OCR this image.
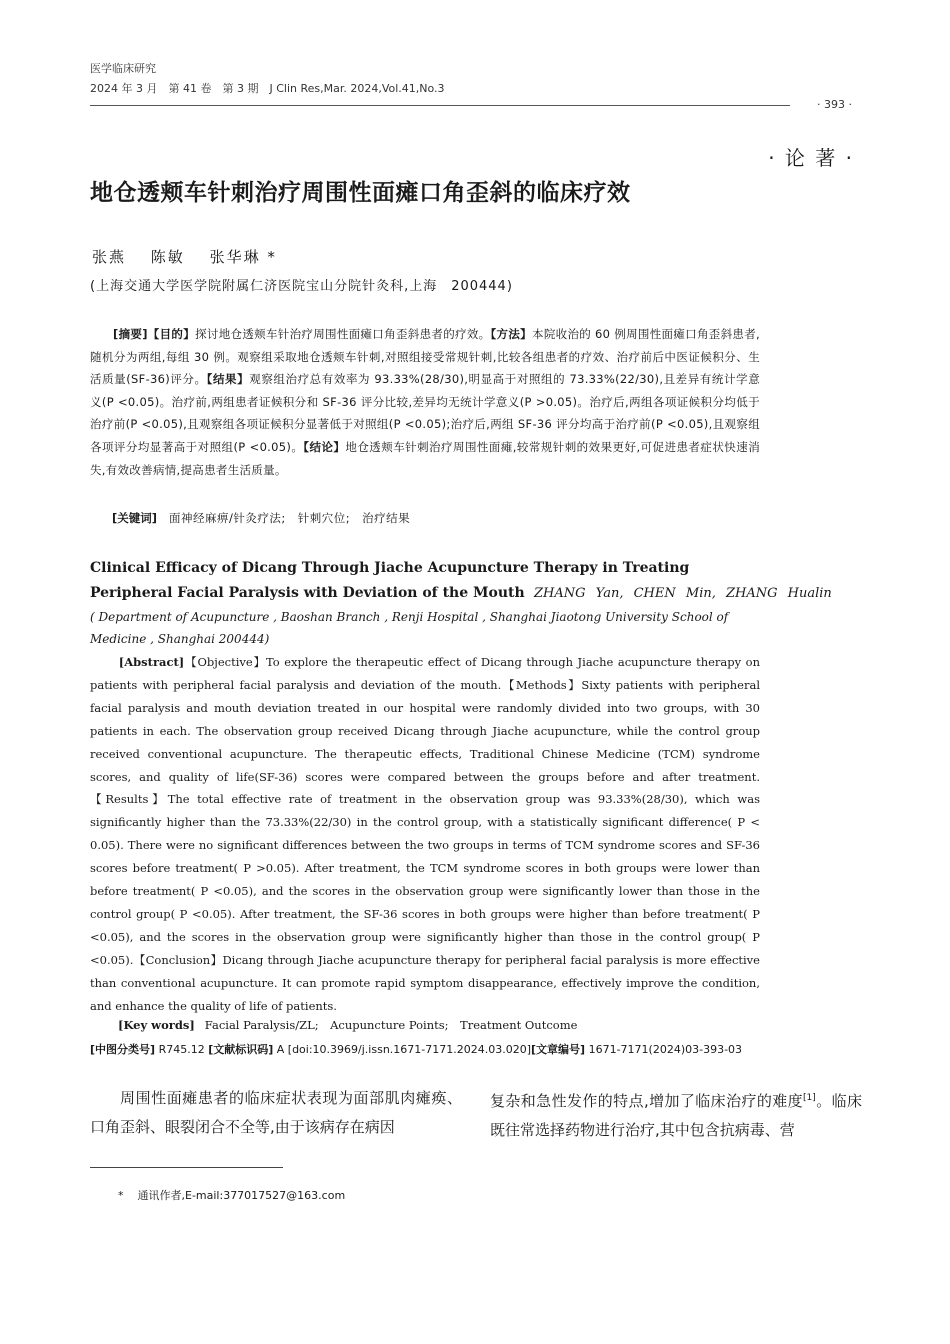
医学临床研究
2024 年 3 月　第 41 卷　第 3 期　J Clin Res,Mar. 2024,Vol.41,No.3
· 393 ·
· 论 著 ·
地仓透颊车针刺治疗周围性面瘫口角歪斜的临床疗效
张燕 陈敏 张华琳 *
(上海交通大学医学院附属仁济医院宝山分院针灸科,上海　200444)
[摘要]【目的】探讨地仓透颊车针治疗周围性面瘫口角歪斜患者的疗效。【方法】本院收治的 60 例周围性面瘫口角歪斜患者,随机分为两组,每组 30 例。观察组采取地仓透颊车针刺,对照组接受常规针刺,比较各组患者的疗效、治疗前后中医证候积分、生活质量(SF-36)评分。【结果】观察组治疗总有效率为 93.33%(28/30),明显高于对照组的 73.33%(22/30),且差异有统计学意义(P <0.05)。治疗前,两组患者证候积分和 SF-36 评分比较,差异均无统计学意义(P >0.05)。治疗后,两组各项证候积分均低于治疗前(P <0.05),且观察组各项证候积分显著低于对照组(P <0.05);治疗后,两组 SF-36 评分均高于治疗前(P <0.05),且观察组各项评分均显著高于对照组(P <0.05)。【结论】地仓透颊车针刺治疗周围性面瘫,较常规针刺的效果更好,可促进患者症状快速消失,有效改善病情,提高患者生活质量。
[关键词] 面神经麻痹/针灸疗法;　针刺穴位;　治疗结果
Clinical Efficacy of Dicang Through Jiache Acupuncture Therapy in Treating Peripheral Facial Paralysis with Deviation of the Mouth ZHANG Yan, CHEN Min, ZHANG Hualin
( Department of Acupuncture , Baoshan Branch , Renji Hospital , Shanghai Jiaotong University School of Medicine , Shanghai 200444)
[Abstract]【Objective】To explore the therapeutic effect of Dicang through Jiache acupuncture therapy on patients with peripheral facial paralysis and deviation of the mouth.【Methods】Sixty patients with peripheral facial paralysis and mouth deviation treated in our hospital were randomly divided into two groups, with 30 patients in each. The observation group received Dicang through Jiache acupuncture, while the control group received conventional acupuncture. The therapeutic effects, Traditional Chinese Medicine (TCM) syndrome scores, and quality of life(SF-36) scores were compared between the groups before and after treatment.【Results】The total effective rate of treatment in the observation group was 93.33%(28/30), which was significantly higher than the 73.33%(22/30) in the control group, with a statistically significant difference( P < 0.05). There were no significant differences between the two groups in terms of TCM syndrome scores and SF-36 scores before treatment( P >0.05). After treatment, the TCM syndrome scores in both groups were lower than before treatment( P <0.05), and the scores in the observation group were significantly lower than those in the control group( P <0.05). After treatment, the SF-36 scores in both groups were higher than before treatment( P <0.05), and the scores in the observation group were significantly higher than those in the control group( P <0.05).【Conclusion】Dicang through Jiache acupuncture therapy for peripheral facial paralysis is more effective than conventional acupuncture. It can promote rapid symptom disappearance, effectively improve the condition, and enhance the quality of life of patients.
[Key words] Facial Paralysis/ZL;　Acupuncture Points;　Treatment Outcome
[中图分类号] R745.12 [文献标识码] A [doi:10.3969/j.issn.1671-7171.2024.03.020][文章编号] 1671-7171(2024)03-393-03
周围性面瘫患者的临床症状表现为面部肌肉瘫痪、口角歪斜、眼裂闭合不全等,由于该病存在病因
复杂和急性发作的特点,增加了临床治疗的难度[1]。临床既往常选择药物进行治疗,其中包含抗病毒、营
* 通讯作者,E-mail:377017527@163.com
